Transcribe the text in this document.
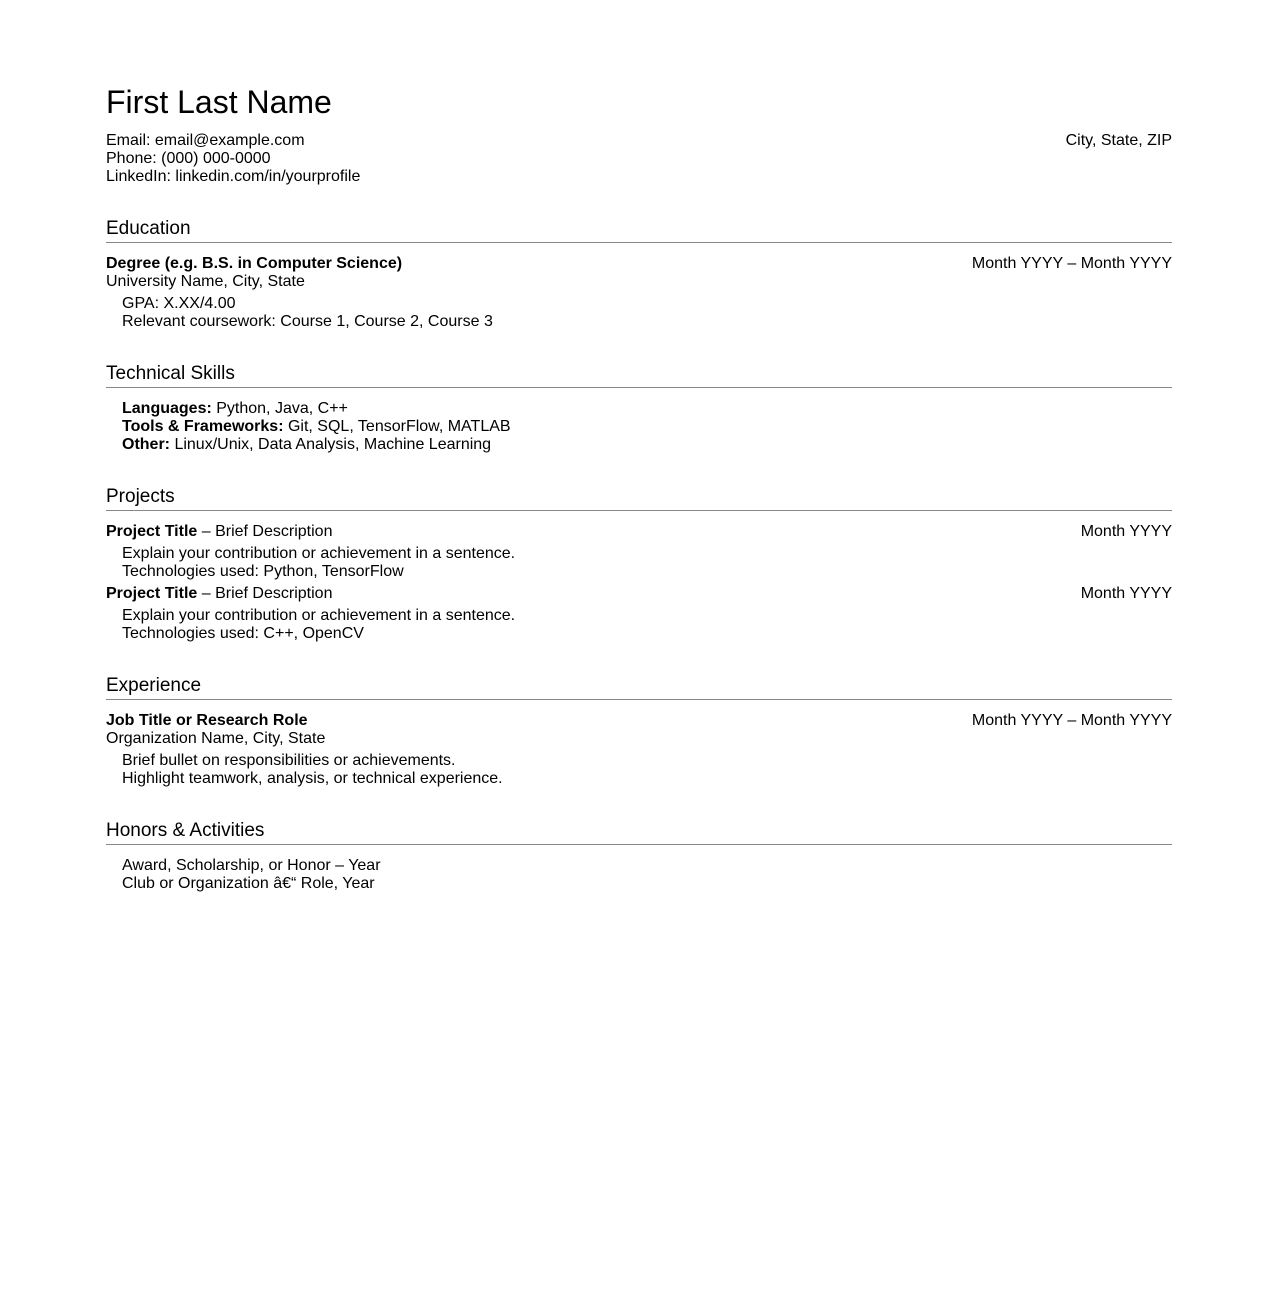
First Last Name
Email: email@example.com
Phone: (000) 000-0000
LinkedIn: linkedin.com/in/yourprofile
City, State, ZIP
Education
Degree (e.g. B.S. in Computer Science)	Month YYYY – Month YYYY
University Name, City, State
GPA: X.XX/4.00
Relevant coursework: Course 1, Course 2, Course 3
Technical Skills
Languages: Python, Java, C++
Tools & Frameworks: Git, SQL, TensorFlow, MATLAB
Other: Linux/Unix, Data Analysis, Machine Learning
Projects
Project Title – Brief Description	Month YYYY
Explain your contribution or achievement in a sentence.
Technologies used: Python, TensorFlow
Project Title – Brief Description	Month YYYY
Explain your contribution or achievement in a sentence.
Technologies used: C++, OpenCV
Experience
Job Title or Research Role	Month YYYY – Month YYYY
Organization Name, City, State
Brief bullet on responsibilities or achievements.
Highlight teamwork, analysis, or technical experience.
Honors & Activities
Award, Scholarship, or Honor – Year
Club or Organization â€“ Role, Year
